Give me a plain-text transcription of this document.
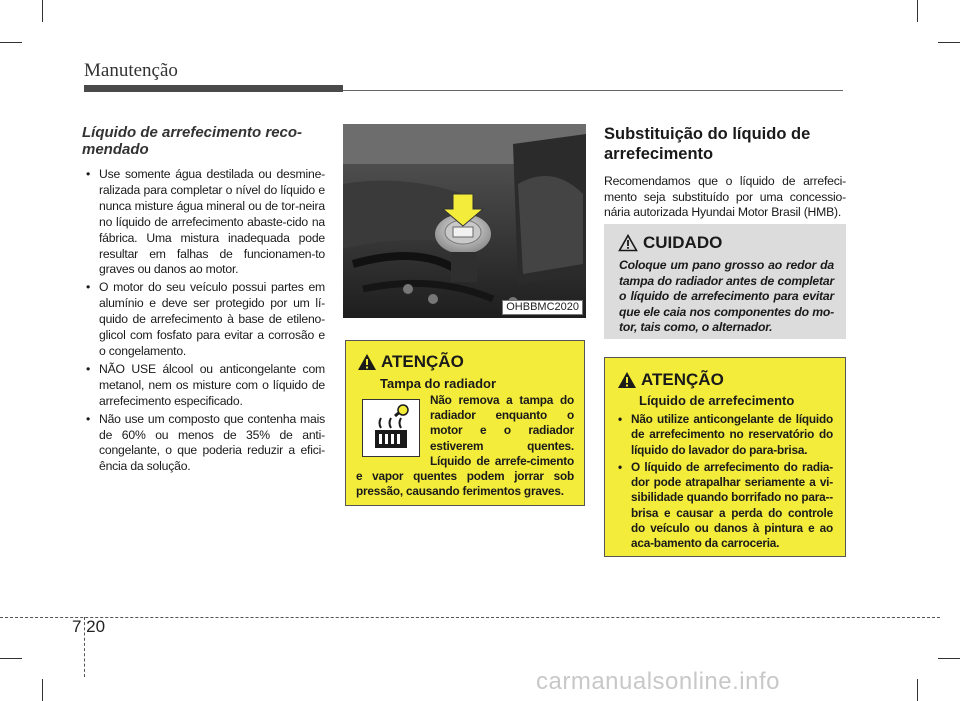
Manutenção
Líquido de arrefecimento reco-mendado
• Use somente água destilada ou desmine-ralizada para completar o nível do líquido e nunca misture água mineral ou de tor-neira no líquido de arrefecimento abaste-cido na fábrica. Uma mistura inadequada pode resultar em falhas de funcionamen-to graves ou danos ao motor.
• O motor do seu veículo possui partes em alumínio e deve ser protegido por um lí-quido de arrefecimento à base de etileno-glicol com fosfato para evitar a corrosão e o congelamento.
• NÃO USE álcool ou anticongelante com metanol, nem os misture com o líquido de arrefecimento especificado.
• Não use um composto que contenha mais de 60% ou menos de 35% de anti-congelante, o que poderia reduzir a efici-ência da solução.
OHBBMC2020
ATENÇÃO
Tampa do radiador
Não remova a tampa do radiador enquanto o motor e o radiador estiverem quentes. Líquido de arrefe-cimento e vapor quentes podem jorrar sob pressão, causando ferimentos graves.
Substituição do líquido de arrefecimento

Recomendamos que o líquido de arrefeci-mento seja substituído por uma concessio-nária autorizada Hyundai Motor Brasil (HMB).

CUIDADO
Coloque um pano grosso ao redor da tampa do radiador antes de completar o líquido de arrefecimento para evitar que ele caia nos componentes do mo-tor, tais como, o alternador.
ATENÇÃO
Líquido de arrefecimento
• Não utilize anticongelante de líquido de arrefecimento no reservatório do líquido do lavador do para-brisa.
• O líquido de arrefecimento do radia-dor pode atrapalhar seriamente a vi-sibilidade quando borrifado no para--brisa e causar a perda do controle do veículo ou danos à pintura e ao aca-bamento da carroceria.
7 20
carmanualsonline.info
